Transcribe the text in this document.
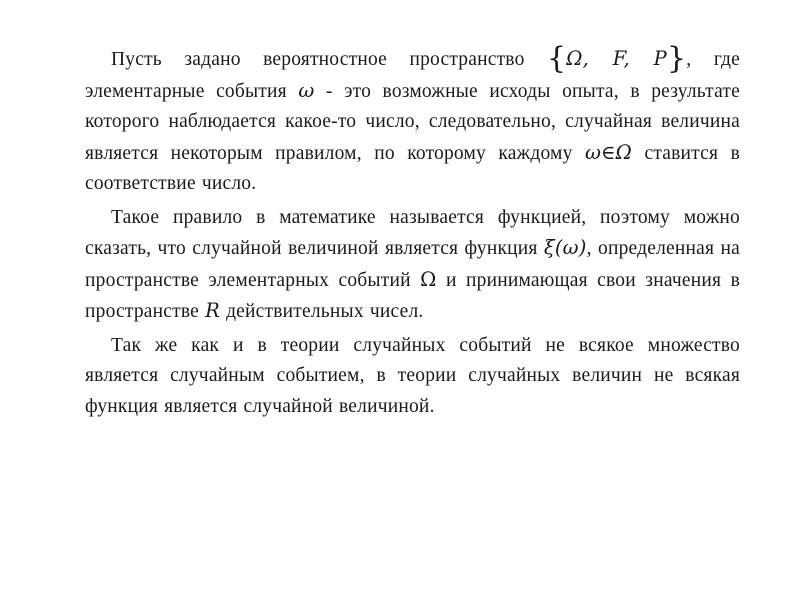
Пусть задано вероятностное пространство {Ω, F, P}, где элементарные события ω - это возможные исходы опыта, в результате которого наблюдается какое-то число, следовательно, случайная величина является некоторым правилом, по которому каждому ω∈Ω ставится в соответствие число.

Такое правило в математике называется функцией, поэтому можно сказать, что случайной величиной является функция ξ(ω), определенная на пространстве элементарных событий Ω и принимающая свои значения в пространстве R действительных чисел.

Так же как и в теории случайных событий не всякое множество является случайным событием, в теории случайных величин не всякая функция является случайной величиной.
